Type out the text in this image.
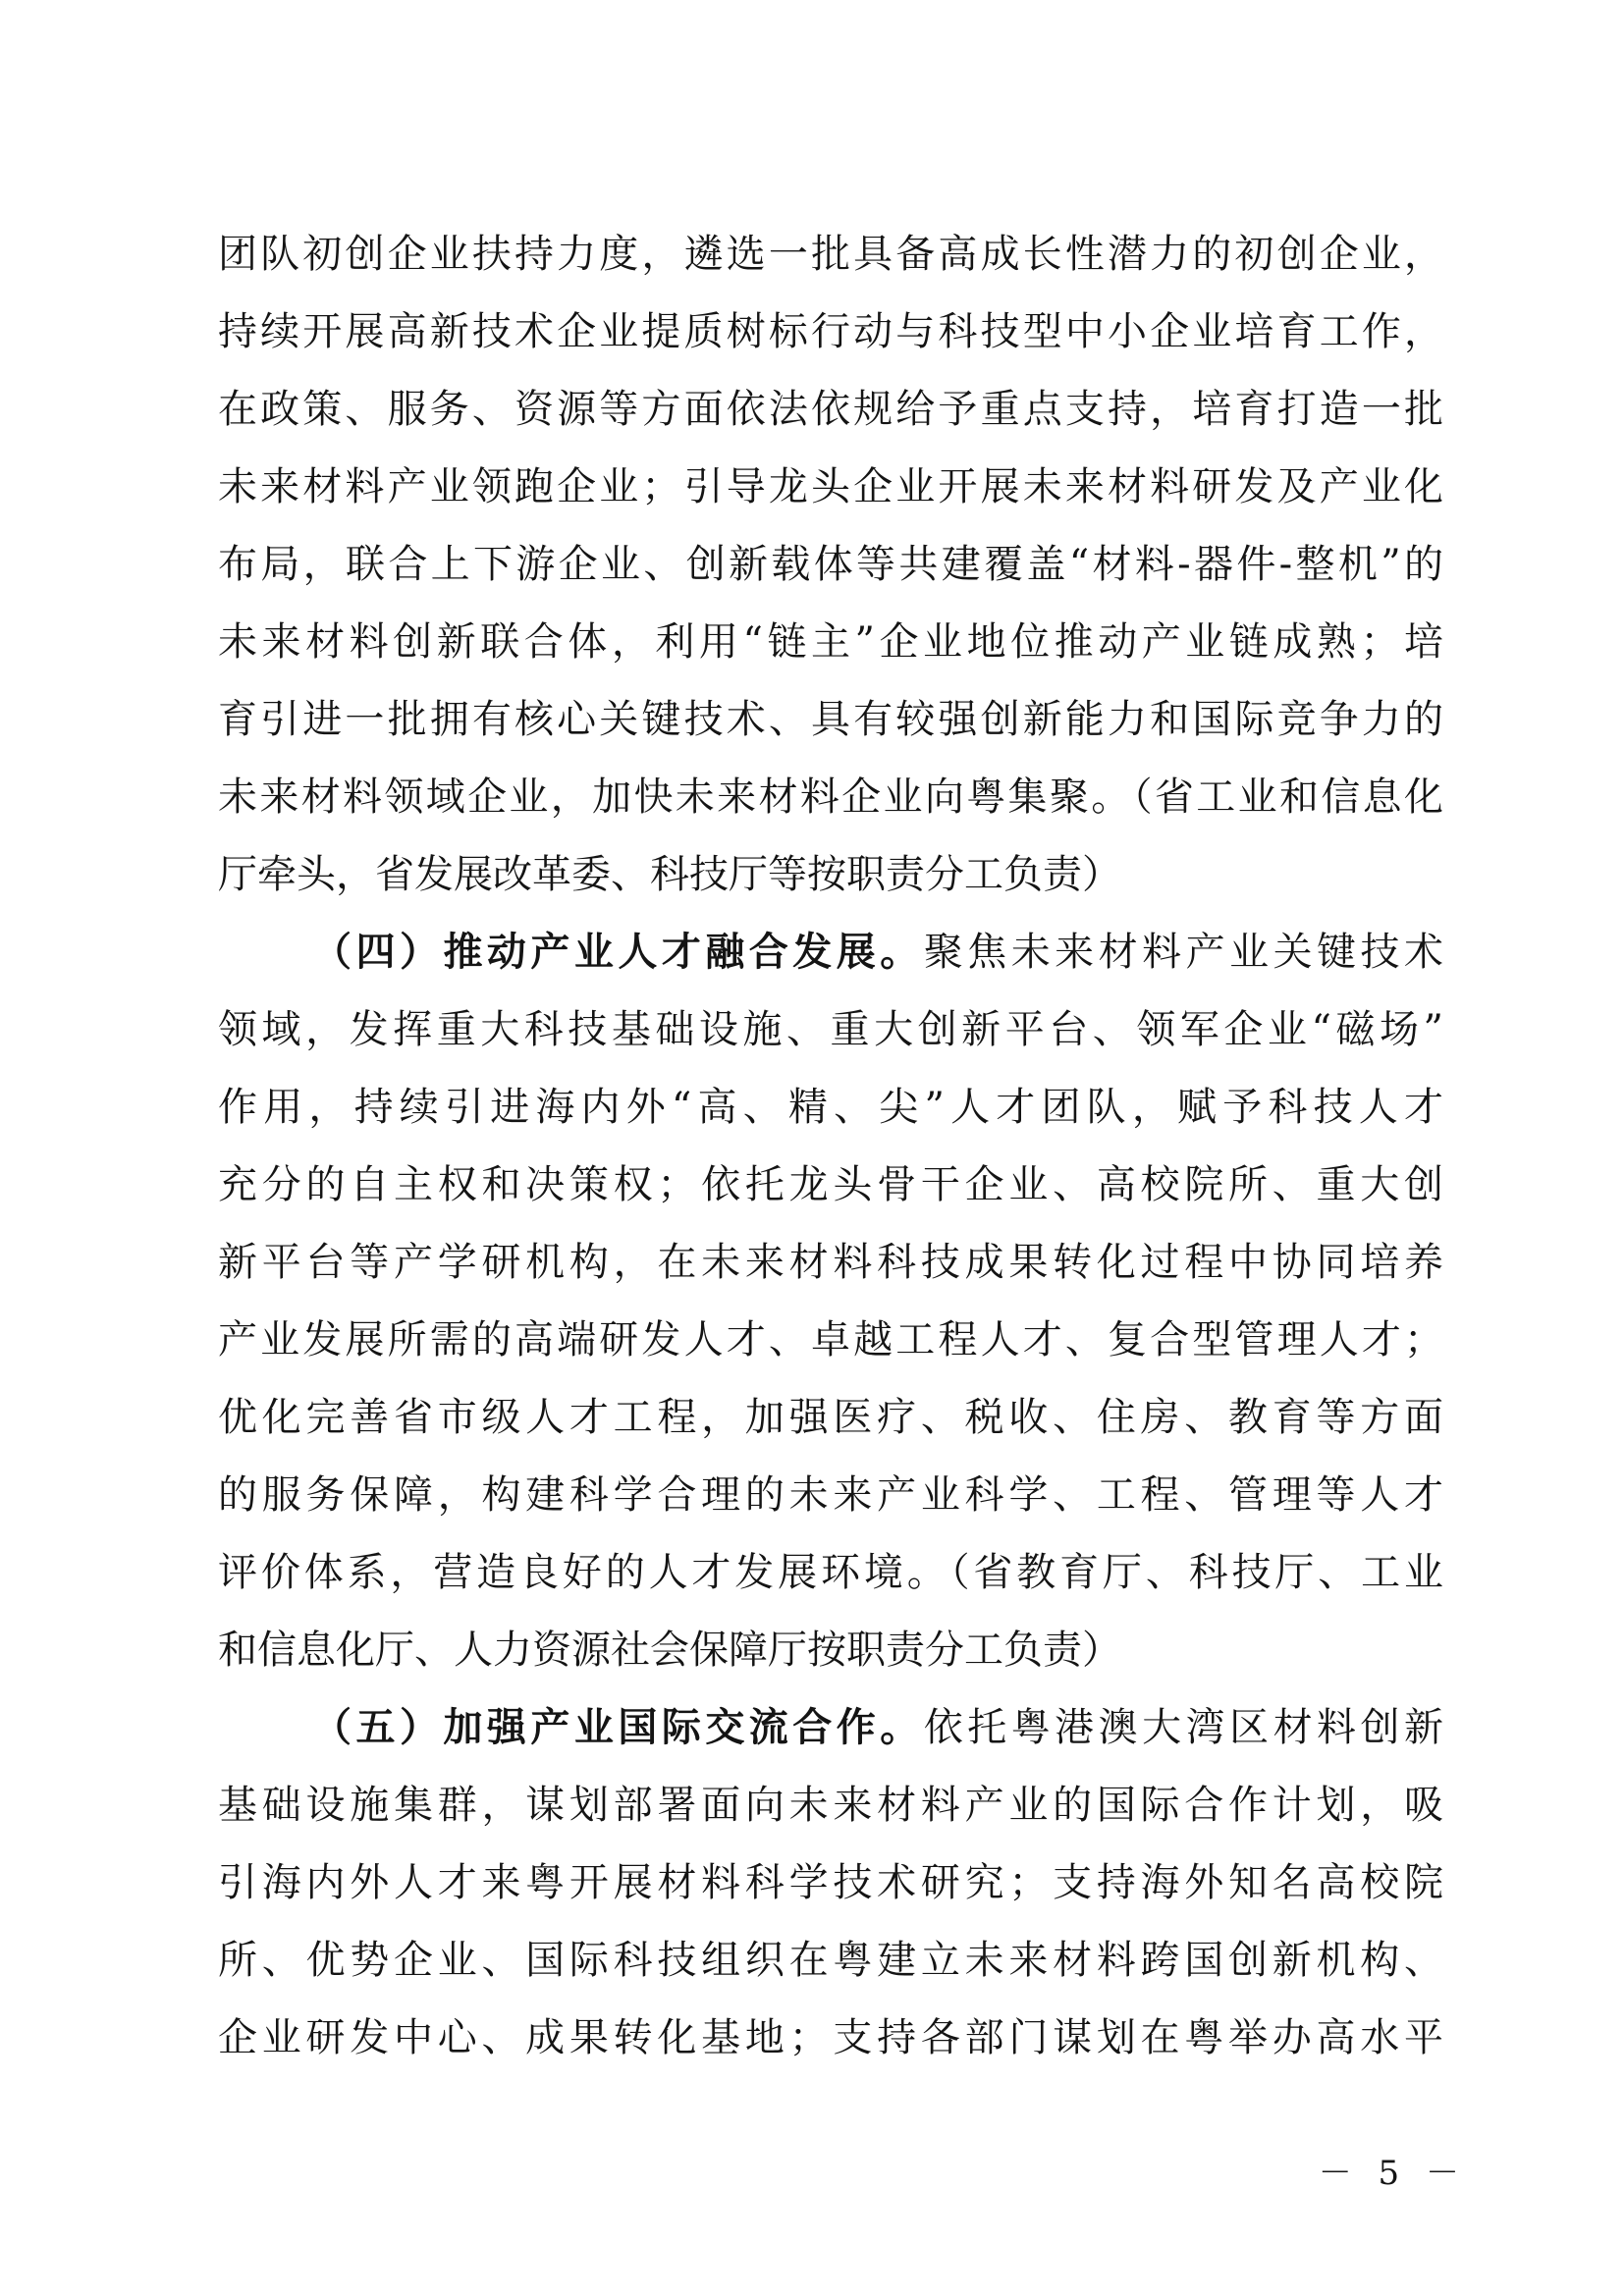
团队初创企业扶持力度，遴选一批具备高成长性潜力的初创企业，
持续开展高新技术企业提质树标行动与科技型中小企业培育工作，
在政策、服务、资源等方面依法依规给予重点支持，培育打造一批
未来材料产业领跑企业；引导龙头企业开展未来材料研发及产业化
布局，联合上下游企业、创新载体等共建覆盖“材料-器件-整机”的
未来材料创新联合体，利用“链主”企业地位推动产业链成熟；培
育引进一批拥有核心关键技术、具有较强创新能力和国际竞争力的
未来材料领域企业，加快未来材料企业向粤集聚。（省工业和信息化
厅牵头，省发展改革委、科技厅等按职责分工负责）
（四）推动产业人才融合发展。聚焦未来材料产业关键技术
领域，发挥重大科技基础设施、重大创新平台、领军企业“磁场”
作用，持续引进海内外“高、精、尖”人才团队，赋予科技人才
充分的自主权和决策权；依托龙头骨干企业、高校院所、重大创
新平台等产学研机构，在未来材料科技成果转化过程中协同培养
产业发展所需的高端研发人才、卓越工程人才、复合型管理人才；
优化完善省市级人才工程，加强医疗、税收、住房、教育等方面
的服务保障，构建科学合理的未来产业科学、工程、管理等人才
评价体系，营造良好的人才发展环境。（省教育厅、科技厅、工业
和信息化厅、人力资源社会保障厅按职责分工负责）
（五）加强产业国际交流合作。依托粤港澳大湾区材料创新
基础设施集群，谋划部署面向未来材料产业的国际合作计划，吸
引海内外人才来粤开展材料科学技术研究；支持海外知名高校院
所、优势企业、国际科技组织在粤建立未来材料跨国创新机构、
企业研发中心、成果转化基地；支持各部门谋划在粤举办高水平
－ 5 －
